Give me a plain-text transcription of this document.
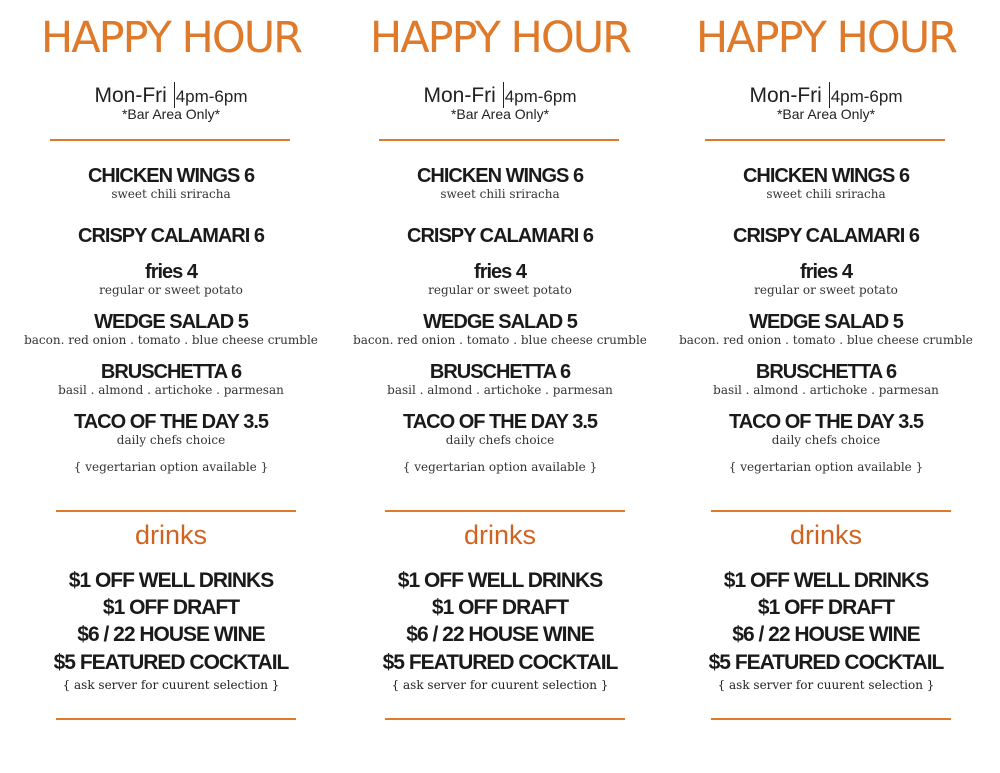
HAPPY HOUR
Mon-Fri 4pm-6pm
*Bar Area Only*
CHICKEN WINGS 6
sweet chili sriracha
CRISPY CALAMARI 6
fries 4
regular or sweet potato
WEDGE SALAD 5
bacon. red onion . tomato . blue cheese crumble
BRUSCHETTA 6
basil . almond . artichoke . parmesan
TACO OF THE DAY 3.5
daily chefs choice
{ vegertarian option available }
drinks
$1 OFF WELL DRINKS
$1 OFF DRAFT
$6 / 22 HOUSE WINE
$5 FEATURED COCKTAIL
{ ask server for cuurent selection }
HAPPY HOUR
Mon-Fri 4pm-6pm
*Bar Area Only*
CHICKEN WINGS 6
sweet chili sriracha
CRISPY CALAMARI 6
fries 4
regular or sweet potato
WEDGE SALAD 5
bacon. red onion . tomato . blue cheese crumble
BRUSCHETTA 6
basil . almond . artichoke . parmesan
TACO OF THE DAY 3.5
daily chefs choice
{ vegertarian option available }
drinks
$1 OFF WELL DRINKS
$1 OFF DRAFT
$6 / 22 HOUSE WINE
$5 FEATURED COCKTAIL
{ ask server for cuurent selection }
HAPPY HOUR
Mon-Fri 4pm-6pm
*Bar Area Only*
CHICKEN WINGS 6
sweet chili sriracha
CRISPY CALAMARI 6
fries 4
regular or sweet potato
WEDGE SALAD 5
bacon. red onion . tomato . blue cheese crumble
BRUSCHETTA 6
basil . almond . artichoke . parmesan
TACO OF THE DAY 3.5
daily chefs choice
{ vegertarian option available }
drinks
$1 OFF WELL DRINKS
$1 OFF DRAFT
$6 / 22 HOUSE WINE
$5 FEATURED COCKTAIL
{ ask server for cuurent selection }
